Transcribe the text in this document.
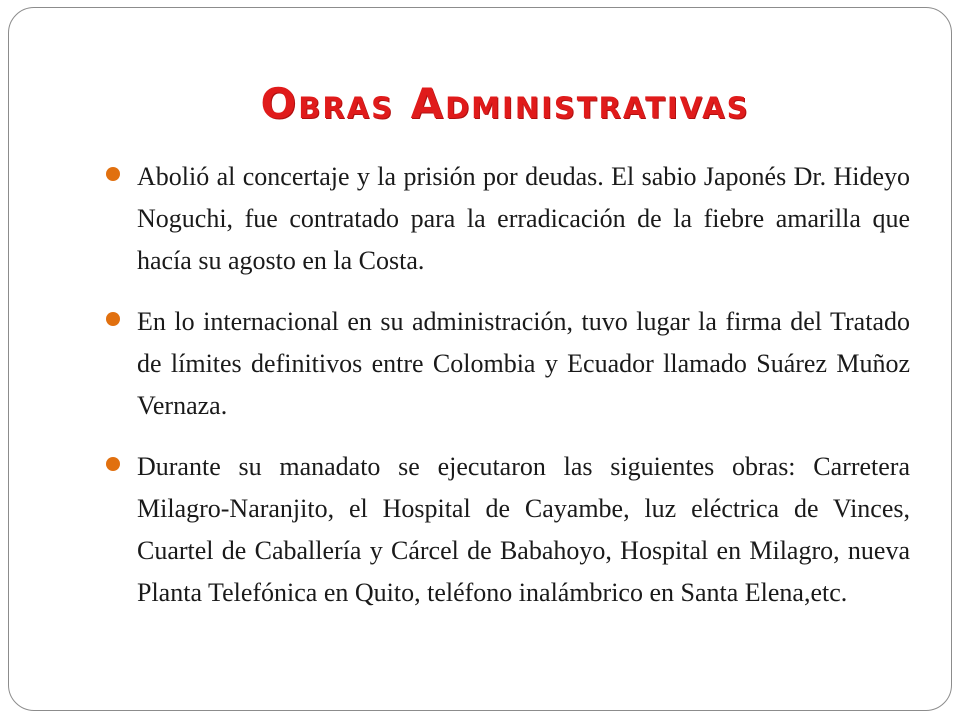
Obras Administrativas
Abolió al concertaje y la prisión por deudas. El sabio Japonés Dr. Hideyo Noguchi, fue contratado para la erradicación de la fiebre amarilla que hacía su agosto en la Costa.
En lo internacional en su administración, tuvo lugar la firma del Tratado de límites definitivos entre Colombia y Ecuador llamado Suárez Muñoz Vernaza.
Durante su manadato se ejecutaron las siguientes obras: Carretera Milagro-Naranjito, el Hospital de Cayambe, luz eléctrica de Vinces, Cuartel de Caballería y Cárcel de Babahoyo, Hospital en Milagro, nueva Planta Telefónica en Quito, teléfono inalámbrico en Santa Elena,etc.
